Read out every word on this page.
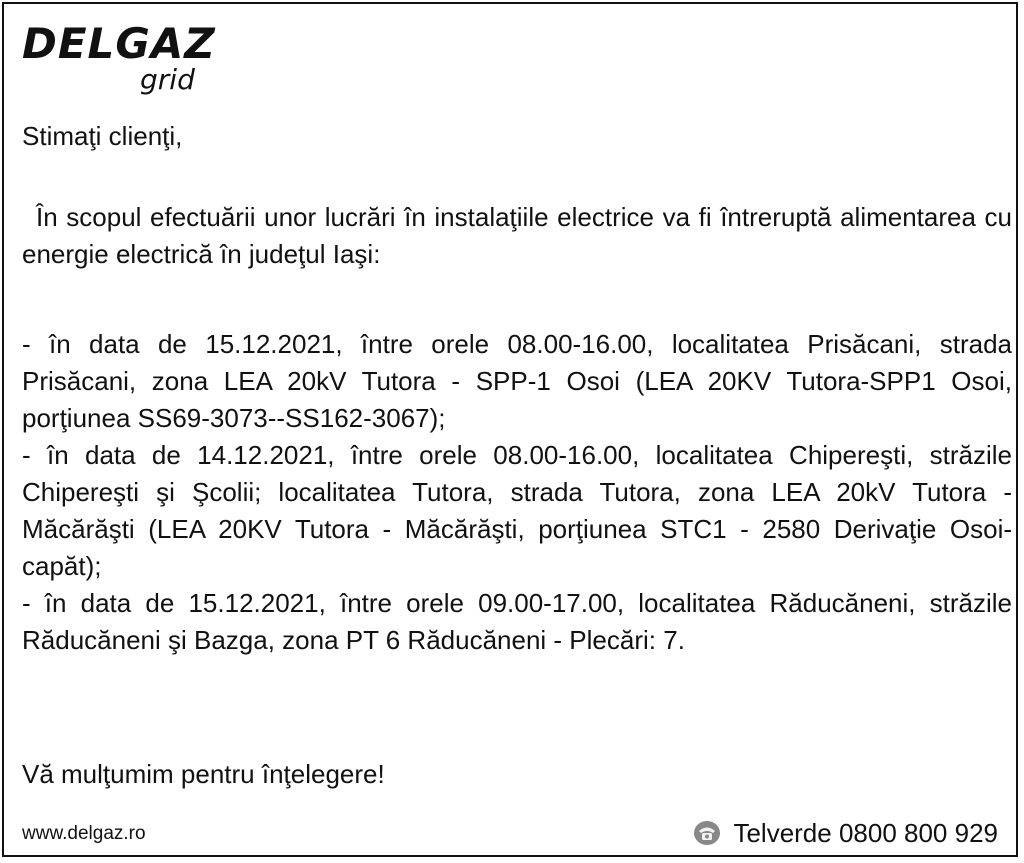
DELGAZ
grid
Stimaţi clienţi,
În scopul efectuării unor lucrări în instalaţiile electrice va fi întreruptă alimentarea cu energie electrică în judeţul Iaşi:
- în data de 15.12.2021, între orele 08.00-16.00, localitatea Prisăcani, strada Prisăcani, zona LEA 20kV Tutora - SPP-1 Osoi (LEA 20KV Tutora-SPP1 Osoi, porţiunea SS69-3073--SS162-3067);
- în data de 14.12.2021, între orele 08.00-16.00, localitatea Chipereşti, străzile Chipereşti şi Şcolii; localitatea Tutora, strada Tutora, zona LEA 20kV Tutora - Măcărăşti (LEA 20KV Tutora - Măcărăşti, porţiunea STC1 - 2580 Derivaţie Osoi-capăt);
- în data de 15.12.2021, între orele 09.00-17.00, localitatea Răducăneni, străzile Răducăneni şi Bazga, zona PT 6 Răducăneni - Plecări: 7.
Vă mulţumim pentru înţelegere!
www.delgaz.ro	Telverde 0800 800 929
